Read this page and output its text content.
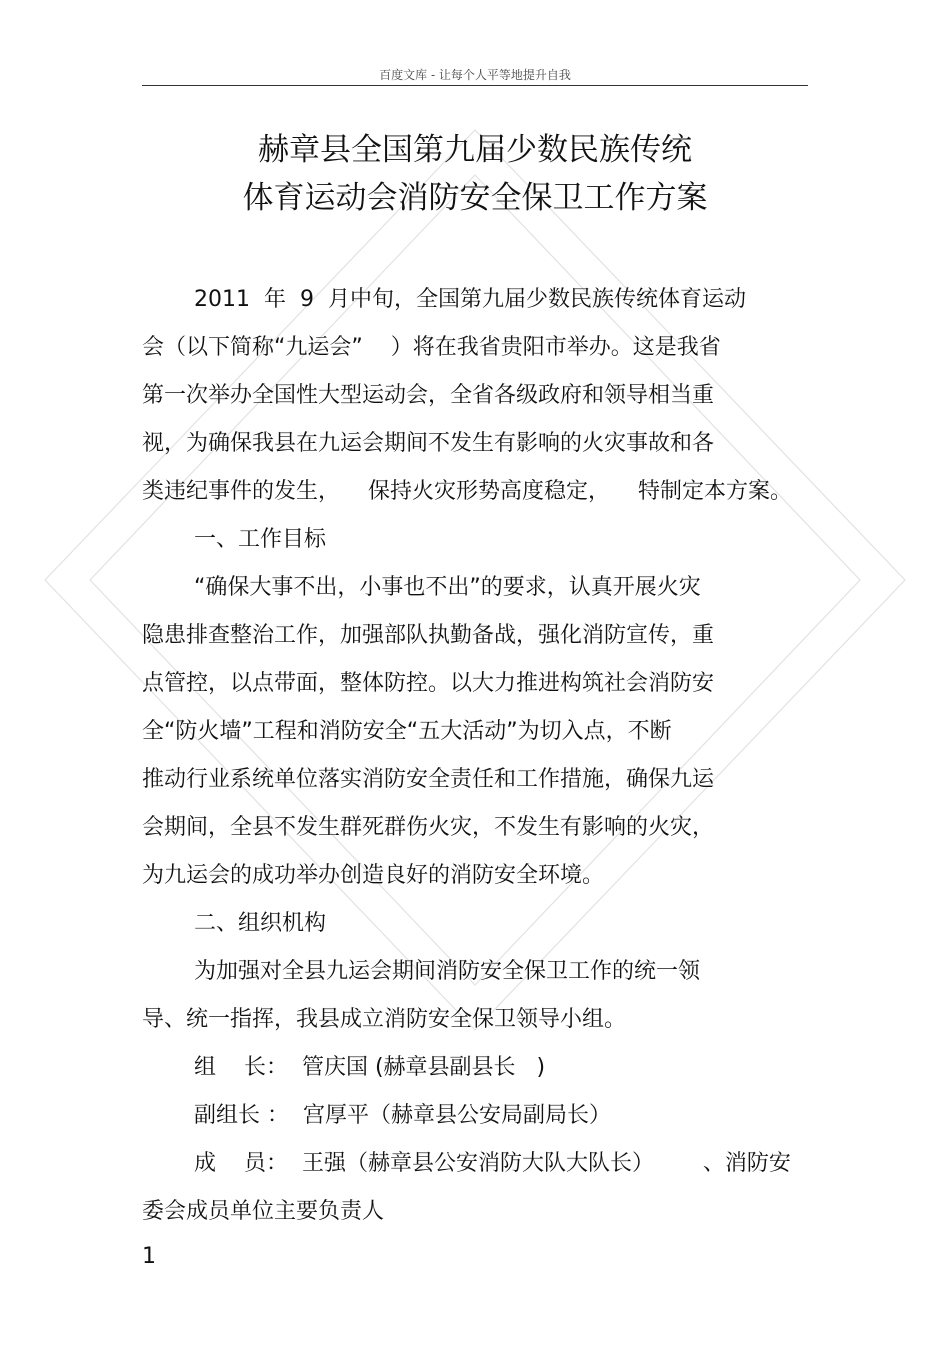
百度文库 - 让每个人平等地提升自我
赫章县全国第九届少数民族传统
体育运动会消防安全保卫工作方案
2011  年  9  月中旬，全国第九届少数民族传统体育运动
会（以下简称“九运会”    ）将在我省贵阳市举办。这是我省
第一次举办全国性大型运动会，全省各级政府和领导相当重
视，为确保我县在九运会期间不发生有影响的火灾事故和各
类违纪事件的发生，    保持火灾形势高度稳定，    特制定本方案。
一、工作目标
“确保大事不出，小事也不出”的要求，认真开展火灾
隐患排查整治工作，加强部队执勤备战，强化消防宣传，重
点管控，以点带面，整体防控。以大力推进构筑社会消防安
全“防火墙”工程和消防安全“五大活动”为切入点，不断
推动行业系统单位落实消防安全责任和工作措施，确保九运
会期间，全县不发生群死群伤火灾，不发生有影响的火灾，
为九运会的成功举办创造良好的消防安全环境。
二、组织机构
为加强对全县九运会期间消防安全保卫工作的统一领
导、统一指挥，我县成立消防安全保卫领导小组。
组    长：  管庆国 (赫章县副县长   )
副组长 ：  宫厚平（赫章县公安局副局长）
成    员：  王强（赫章县公安消防大队大队长）       、消防安
委会成员单位主要负责人
1
